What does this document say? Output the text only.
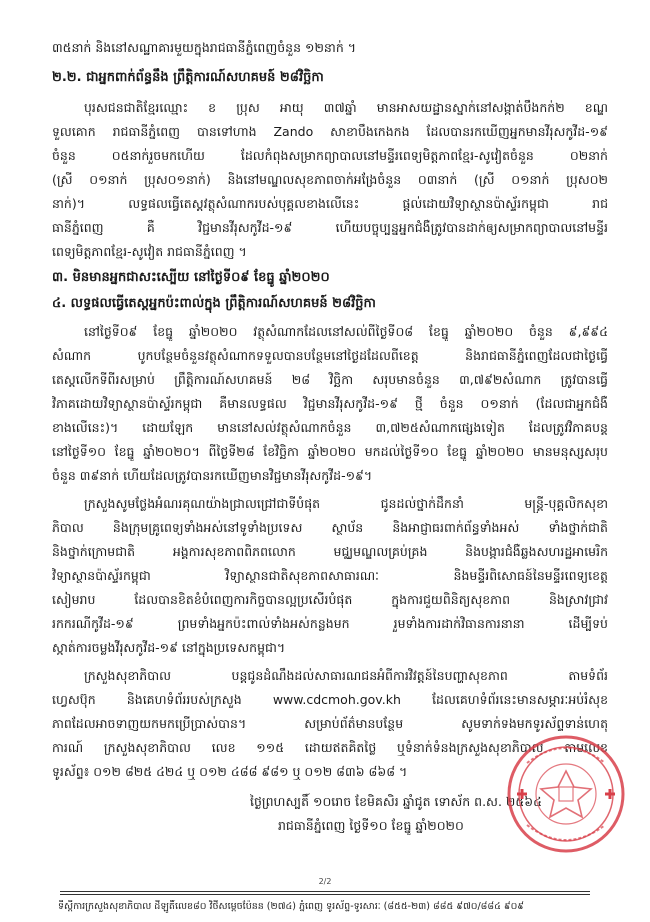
៣៥នាក់ និងនៅសណ្ឋាគារមួយក្នុងរាជធានីភ្នំពេញចំនួន ១២នាក់ ។
២.២. ជាអ្នកពាក់ព័ន្ធនឹង ព្រឹត្តិការណ៍សហគមន៍ ២៨វិច្ឆិកា
បុរសជនជាតិខ្មែរឈ្មោះ ខ ប្រុស អាយុ ៣៧ឆ្នាំ មានអាសយដ្ឋានស្នាក់នៅសង្កាត់បឹងកក់២ ខណ្ឌ
ទួលគោក រាជធានីភ្នំពេញ បានទៅហាង Zando សាខាបឹងកេងកង ដែលបានរកឃើញអ្នកមានវីរុសកូវីដ-១៩
ចំនួន ០៥នាក់រួចមកហើយ ដែលកំពុងសម្រាកព្យាបាលនៅមន្ទីរពេទ្យមិត្តភាពខ្មែរ-សូវៀតចំនួន ០២នាក់
(ស្រី ០១នាក់ ប្រុស០១នាក់) និងនៅមណ្ឌលសុខភាពចាក់អង្រែចំនួន ០៣នាក់ (ស្រី ០១នាក់ ប្រុស០២
នាក់)។ លទ្ធផលធ្វើតេស្តវត្ថុសំណាករបស់បុគ្គលខាងលើនេះ ផ្តល់ដោយវិទ្យាស្ថានប៉ាស្ទ័រកម្ពុជា រាជ
ធានីភ្នំពេញ គឺ វិជ្ជមានវីរុសកូវីដ-១៩ ហើយបច្ចុប្បន្នអ្នកជំងឺត្រូវបានដាក់ឲ្យសម្រាកព្យាបាលនៅមន្ទីរ
ពេទ្យមិត្តភាពខ្មែរ-សូវៀត រាជធានីភ្នំពេញ ។
៣. មិនមានអ្នកជាសះស្បើយ នៅថ្ងៃទី០៩ ខែធ្នូ ឆ្នាំ២០២០
៤. លទ្ធផលធ្វើតេស្តអ្នកប៉ះពាល់ក្នុង ព្រឹត្តិការណ៍សហគមន៍ ២៨វិច្ឆិកា
នៅថ្ងៃទី០៩ ខែធ្នូ ឆ្នាំ២០២០ វត្ថុសំណាកដែលនៅសល់ពីថ្ងៃទី០៨ ខែធ្នូ ឆ្នាំ២០២០ ចំនួន ៩,៩៩៤
សំណាក បូកបន្ថែមចំនួនវត្ថុសំណាកទទួលបានបន្ថែមនៅថ្ងៃដដែលពីខេត្ត និងរាជធានីភ្នំពេញដែលជាថ្ងៃធ្វើ
តេស្តលើកទីពីរសម្រាប់ ព្រឹត្តិការណ៍សហគមន៍ ២៨ វិច្ឆិកា សរុបមានចំនួន ៣,៧៩២សំណាក ត្រូវបានធ្វើ
វិភាគដោយវិទ្យាស្ថានប៉ាស្ទ័រកម្ពុជា គឺមានលទ្ធផល វិជ្ជមានវីរុសកូវីដ-១៩ ថ្មី ចំនួន ០១នាក់ (ដែលជាអ្នកជំងឺ
ខាងលើនេះ)។ ដោយឡែក មាននៅសល់វត្ថុសំណាកចំនួន ៣,៧២៥សំណាកផ្សេងទៀត ដែលត្រូវវិភាគបន្ត
នៅថ្ងៃទី១០ ខែធ្នូ ឆ្នាំ២០២០។ ពីថ្ងៃទី២៨ ខែវិច្ឆិកា ឆ្នាំ២០២០ មកដល់ថ្ងៃទី១០ ខែធ្នូ ឆ្នាំ២០២០ មានមនុស្សសរុប
ចំនួន ៣៩នាក់ ហើយដែលត្រូវបានរកឃើញមានវិជ្ជមានវីរុសកូវីដ-១៩។
ក្រសួងសូមថ្លែងអំណរគុណយ៉ាងជ្រាលជ្រៅជាទីបំផុត ជូនដល់ថ្នាក់ដឹកនាំ មន្ត្រី-បុគ្គលិកសុខា
ភិបាល និងក្រុមគ្រូពេទ្យទាំងអស់នៅទូទាំងប្រទេស ស្ថាប័ន និងអាជ្ញាធរពាក់ព័ន្ធទាំងអស់ ទាំងថ្នាក់ជាតិ
និងថ្នាក់ក្រោមជាតិ អង្គការសុខភាពពិភពលោក មជ្ឈមណ្ឌលគ្រប់គ្រង និងបង្ការជំងឺឆ្លងសហរដ្ឋអាមេរិក
វិទ្យាស្ថានប៉ាស្ទ័រកម្ពុជា វិទ្យាស្ថានជាតិសុខភាពសាធារណៈ និងមន្ទីរពិសោធន៍នៃមន្ទីរពេទ្យខេត្ត
សៀមរាប ដែលបានខិតខំបំពេញការកិច្ចបានល្អប្រសើរបំផុត ក្នុងការជួយពិនិត្យសុខភាព និងស្រាវជ្រាវ
រកករណីកូវីដ-១៩ ព្រមទាំងអ្នកប៉ះពាល់ទាំងអស់កន្លងមក រួមទាំងការដាក់វិធានការនានា ដើម្បីទប់
ស្កាត់ការចម្លងវីរុសកូវីដ-១៩ នៅក្នុងប្រទេសកម្ពុជា។
ក្រសួងសុខាភិបាល បន្តជូនដំណឹងដល់សាធារណជនអំពីការវិវត្តន៍នៃបញ្ហាសុខភាព តាមទំព័រ
ហ្វេសប៊ុក និងគេហទំព័ររបស់ក្រសួង www.cdcmoh.gov.kh ដែលគេហទំព័រនេះមានសម្ភារៈអប់រំសុខ
ភាពដែលអាចទាញយកមកប្រើប្រាស់បាន។ សម្រាប់ព័ត៌មានបន្ថែម សូមទាក់ទងមកទូរស័ព្ទទាន់ហេតុ
ការណ៍ ក្រសួងសុខាភិបាល លេខ ១១៥ ដោយឥតគិតថ្លៃ ឬទំនាក់ទំនងក្រសួងសុខាភិបាល តាមលេខ
ទូរស័ព្ទ៖ ០១២ ៨២៥ ៤២៤ ឬ ០១២ ៤៨៨ ៩៨១ ឬ ០១២ ៨៣៦ ៨៦៨ ។
ថ្ងៃព្រហស្បតិ៍ ១០រោច ខែមិគសិរ ឆ្នាំជូត ទោស័ក ព.ស. ២៥៦៤
រាជធានីភ្នំពេញ ថ្ងៃទី១០ ខែធ្នូ ឆ្នាំ២០២០
2/2
ទីស្តីការក្រសួងសុខាភិបាល ដីឡូតិ៍លេខ៨០ វិថីសម្តេចប៉ែនន (២៧៤) ភ្នំពេញ ទូរស័ព្ទ-ទូរសារៈ (៨៥៥-២៣) ៨៨៥ ៩៧០/៨៨៤ ៩០៩
